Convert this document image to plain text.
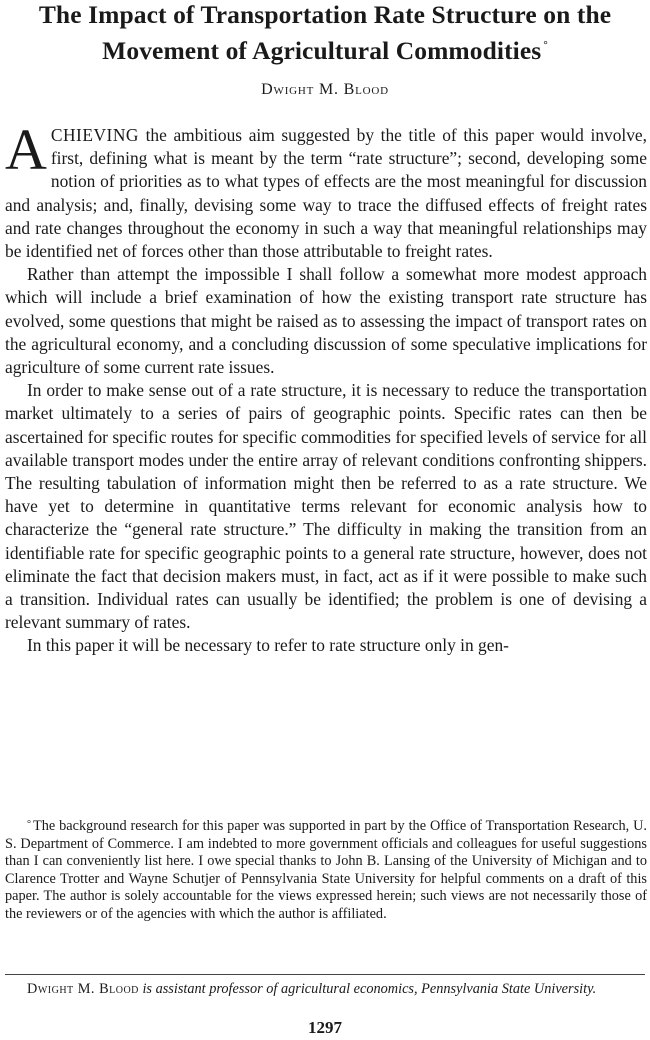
The Impact of Transportation Rate Structure on the
Movement of Agricultural Commodities °
Dwight M. Blood

ACHIEVING the ambitious aim suggested by the title of this paper would involve, first, defining what is meant by the term “rate structure”; second, developing some notion of priorities as to what types of effects are the most meaningful for discussion and analysis; and, finally, devising some way to trace the diffused effects of freight rates and rate changes throughout the economy in such a way that meaningful relationships may be identified net of forces other than those attributable to freight rates.

Rather than attempt the impossible I shall follow a somewhat more modest approach which will include a brief examination of how the existing transport rate structure has evolved, some questions that might be raised as to assessing the impact of transport rates on the agricultural economy, and a concluding discussion of some speculative implications for agriculture of some current rate issues.

In order to make sense out of a rate structure, it is necessary to reduce the transportation market ultimately to a series of pairs of geographic points. Specific rates can then be ascertained for specific routes for specific commodities for specified levels of service for all available transport modes under the entire array of relevant conditions confronting shippers. The resulting tabulation of information might then be referred to as a rate structure. We have yet to determine in quantitative terms relevant for economic analysis how to characterize the “general rate structure.” The difficulty in making the transition from an identifiable rate for specific geographic points to a general rate structure, however, does not eliminate the fact that decision makers must, in fact, act as if it were possible to make such a transition. Individual rates can usually be identified; the problem is one of devising a relevant summary of rates.

In this paper it will be necessary to refer to rate structure only in gen-

° The background research for this paper was supported in part by the Office of Transportation Research, U. S. Department of Commerce. I am indebted to more government officials and colleagues for useful suggestions than I can conveniently list here. I owe special thanks to John B. Lansing of the University of Michigan and to Clarence Trotter and Wayne Schutjer of Pennsylvania State University for helpful comments on a draft of this paper. The author is solely accountable for the views expressed herein; such views are not necessarily those of the reviewers or of the agencies with which the author is affiliated.

Dwight M. Blood is assistant professor of agricultural economics, Pennsylvania State University.

1297
